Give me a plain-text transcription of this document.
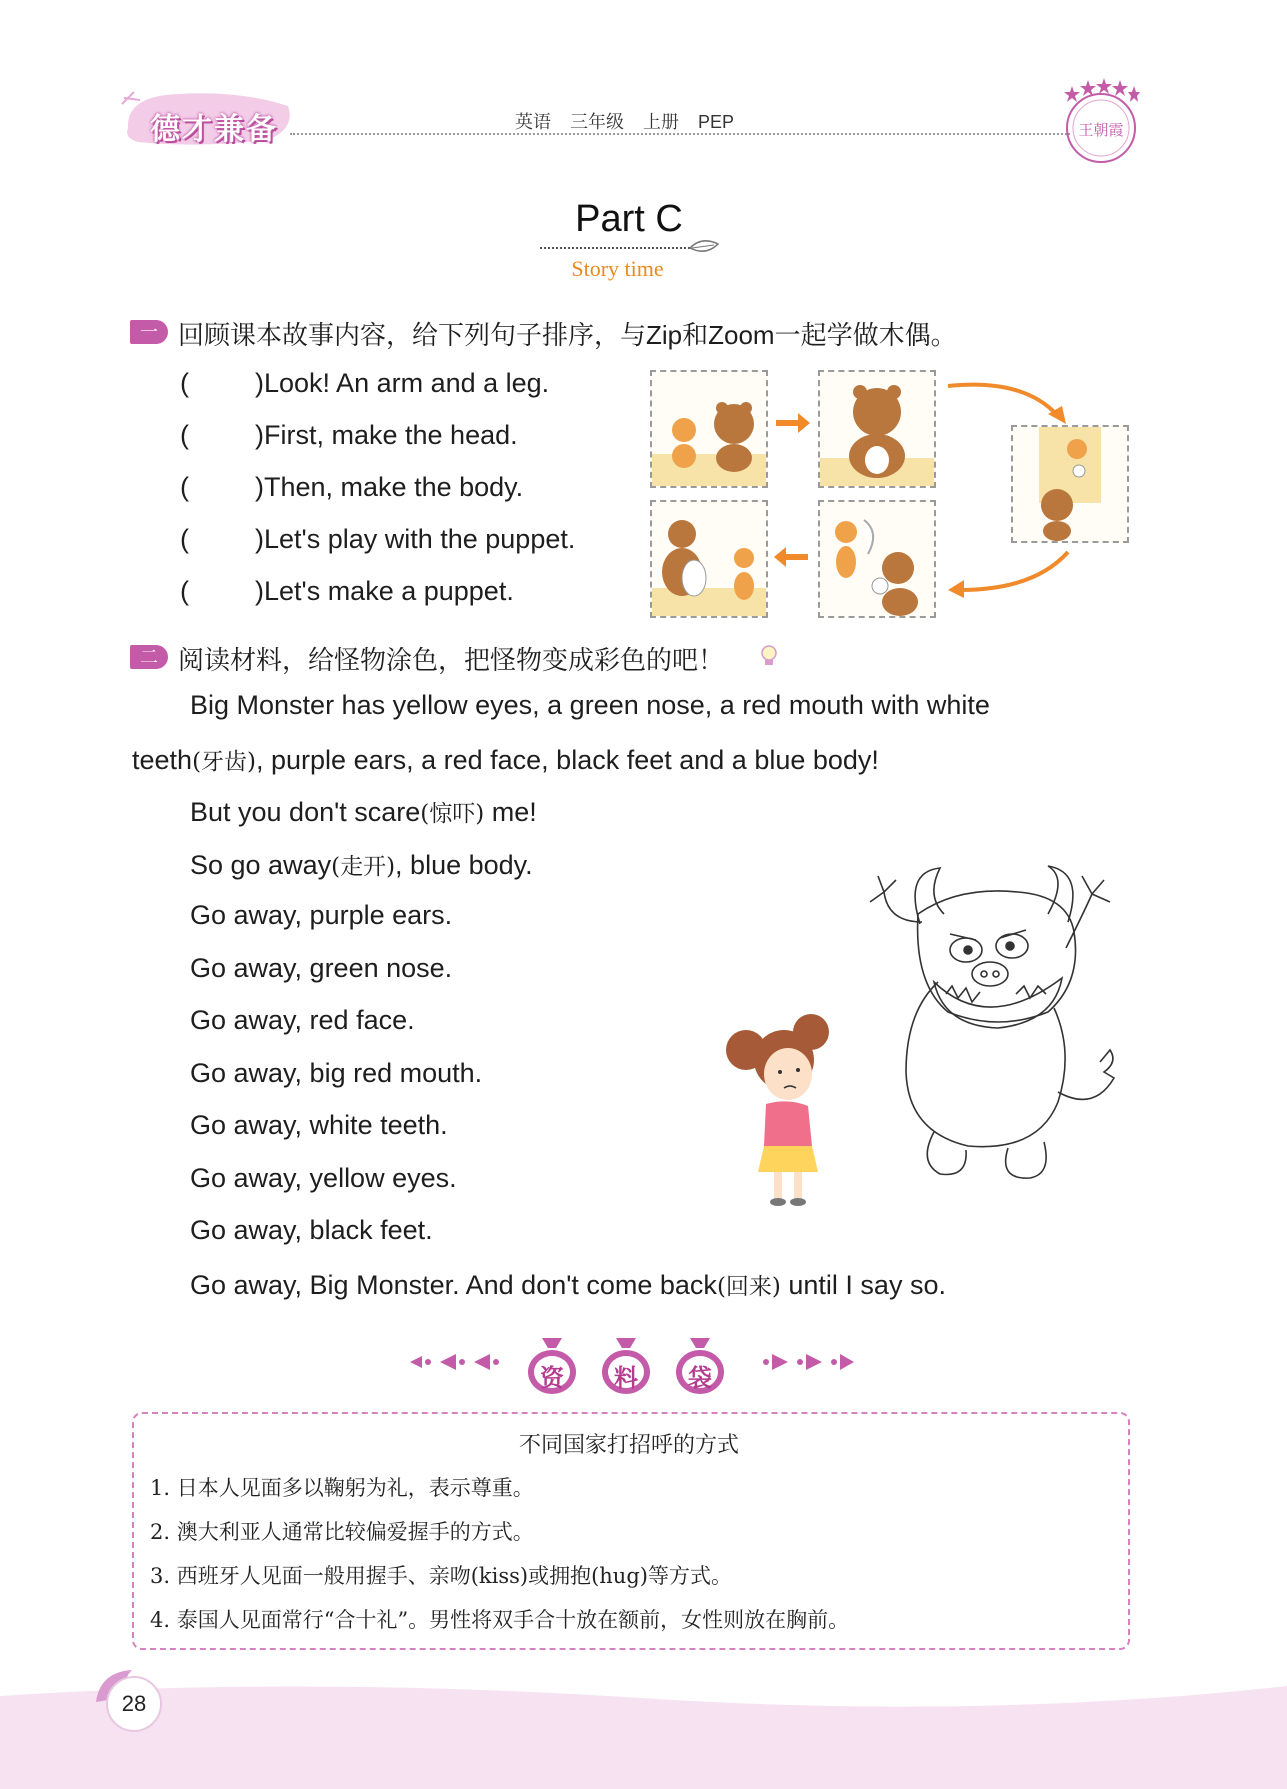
德才兼备	英语 三年级 上册 PEP	王朝霞
Part C
Story time
一 回顾课本故事内容，给下列句子排序，与Zip和Zoom一起学做木偶。
( )Look! An arm and a leg.
( )First, make the head.
( )Then, make the body.
( )Let's play with the puppet.
( )Let's make a puppet.
二 阅读材料，给怪物涂色，把怪物变成彩色的吧！
Big Monster has yellow eyes, a green nose, a red mouth with white
teeth(牙齿), purple ears, a red face, black feet and a blue body!
But you don't scare(惊吓) me!
So go away(走开), blue body.
Go away, purple ears.
Go away, green nose.
Go away, red face.
Go away, big red mouth.
Go away, white teeth.
Go away, yellow eyes.
Go away, black feet.
Go away, Big Monster. And don't come back(回来) until I say so.
资	料	袋
不同国家打招呼的方式
1. 日本人见面多以鞠躬为礼，表示尊重。
2. 澳大利亚人通常比较偏爱握手的方式。
3. 西班牙人见面一般用握手、亲吻(kiss)或拥抱(hug)等方式。
4. 泰国人见面常行“合十礼”。男性将双手合十放在额前，女性则放在胸前。
28
